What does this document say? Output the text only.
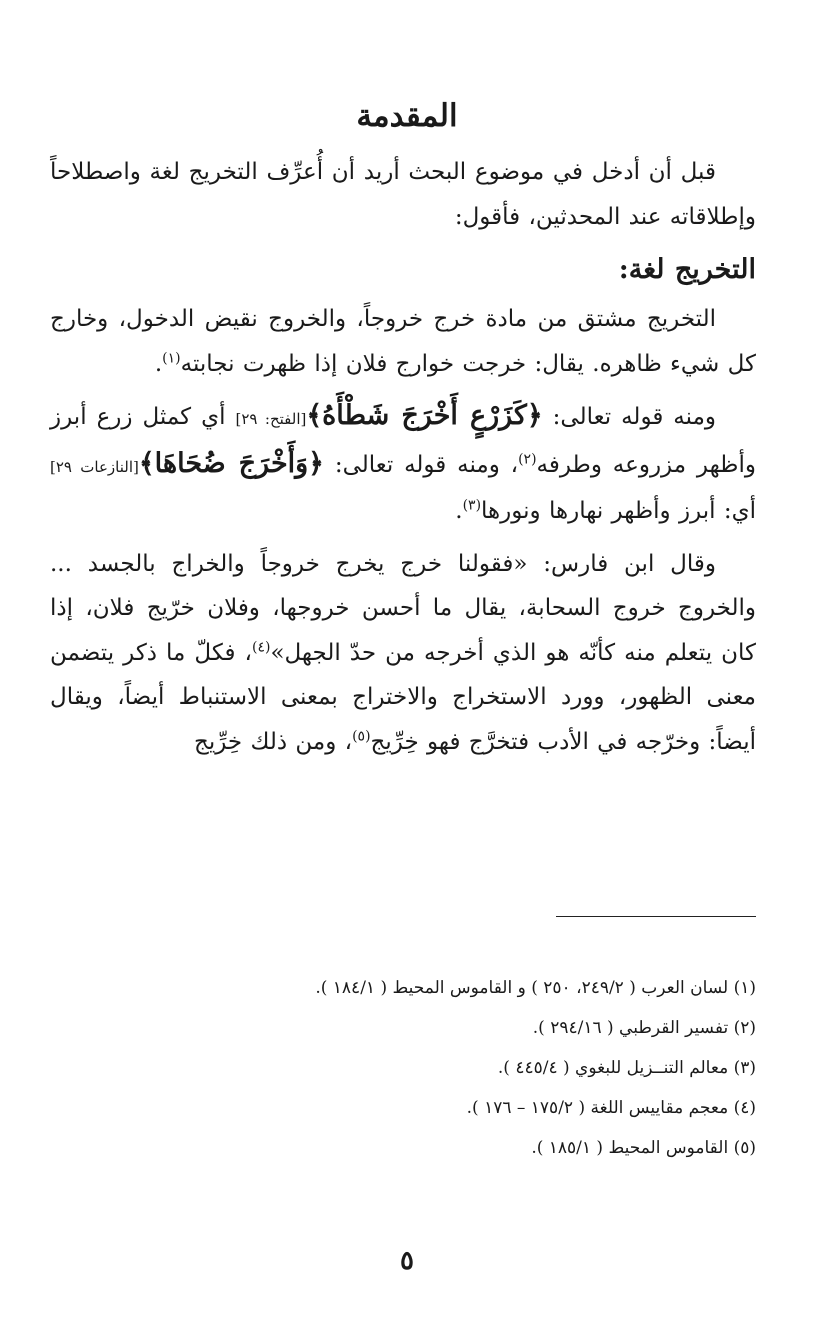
المقدمة

قبل أن أدخل في موضوع البحث أريد أن أُعرِّف التخريج لغة واصطلاحاً وإطلاقاته عند المحدثين، فأقول:

التخريج لغة:

التخريج مشتق من مادة خرج خروجاً، والخروج نقيض الدخول، وخارج كل شيء ظاهره. يقال: خرجت خوارج فلان إذا ظهرت نجابته$^{(١)}$.

ومنه قوله تعالى: ﴿كَزَرْعٍ أَخْرَجَ شَطْأَهُ﴾[الفتح: ٢٩] أي كمثل زرع أبرز وأظهر مزروعه وطرفه$^{(٢)}$، ومنه قوله تعالى: ﴿وَأَخْرَجَ ضُحَاهَا﴾[النازعات ٢٩] أي: أبرز وأظهر نهارها ونورها$^{(٣)}$.

وقال ابن فارس: «فقولنا خرج يخرج خروجاً والخراج بالجسد ... والخروج خروج السحابة، يقال ما أحسن خروجها، وفلان خرّيج فلان، إذا كان يتعلم منه كأنّه هو الذي أخرجه من حدّ الجهل»$^{(٤)}$، فكلّ ما ذكر يتضمن معنى الظهور، وورد الاستخراج والاختراج بمعنى الاستنباط أيضاً، ويقال أيضاً: وخرّجه في الأدب فتخرَّج فهو خِرِّيج$^{(٥)}$، ومن ذلك خِرِّيج

(١) لسان العرب ( ٢٤٩/٢، ٢٥٠ ) و القاموس المحيط ( ١٨٤/١ ).
(٢) تفسير القرطبي ( ٢٩٤/١٦ ).
(٣) معالم التنــزيل للبغوي ( ٤٤٥/٤ ).
(٤) معجم مقاييس اللغة ( ١٧٥/٢ – ١٧٦ ).
(٥) القاموس المحيط ( ١٨٥/١ ).
٥
